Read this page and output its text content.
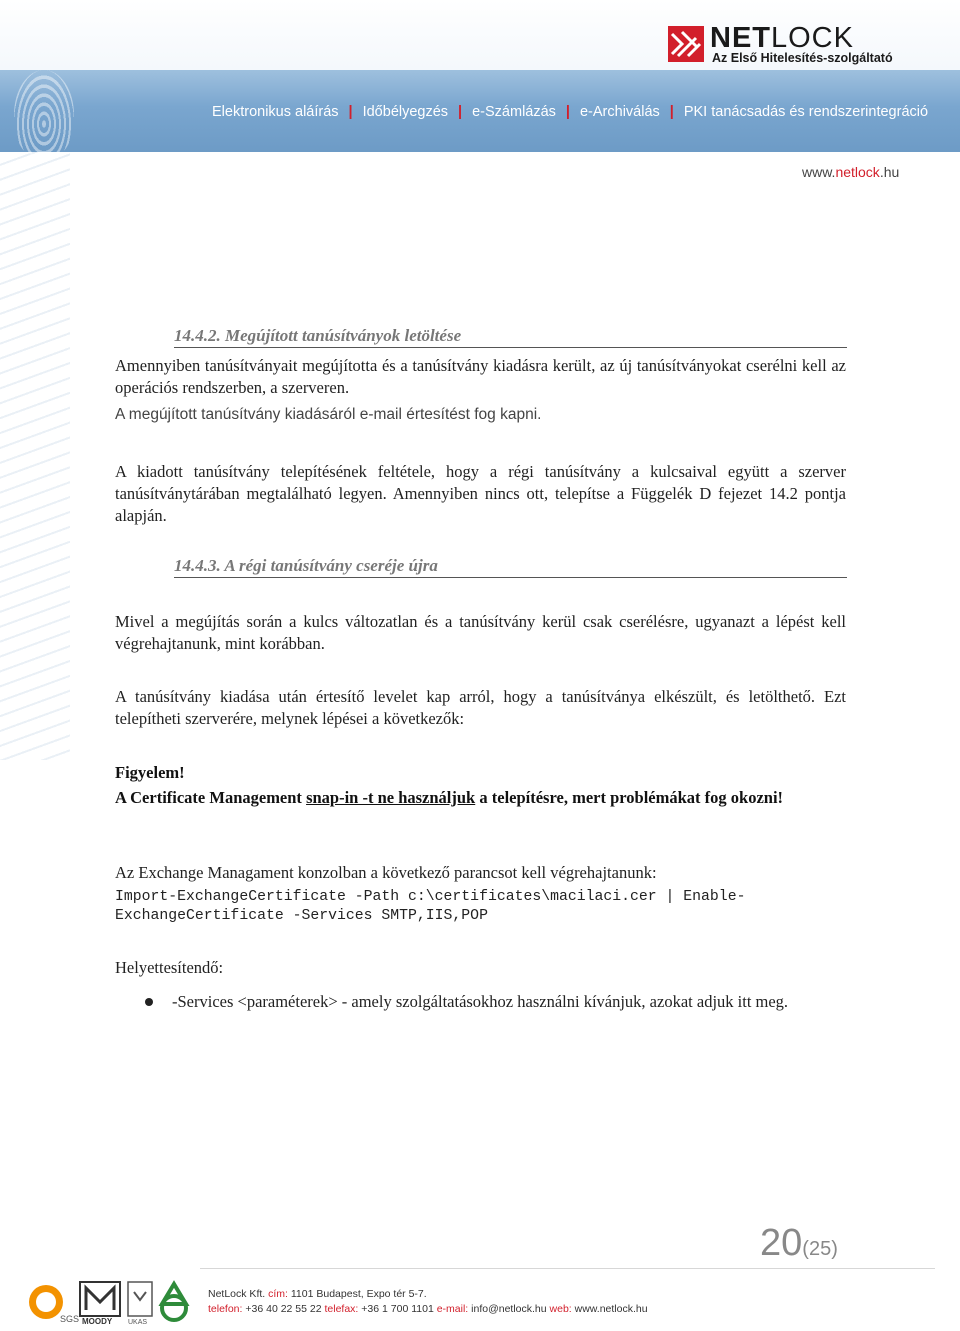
NETLOCK
Az Első Hitelesítés-szolgáltató
Elektronikus aláírás | Időbélyegzés | e-Számlázás | e-Archiválás | PKI tanácsadás és rendszerintegráció
www.netlock.hu
14.4.2. Megújított tanúsítványok letöltése
Amennyiben tanúsítványait megújította és a tanúsítvány kiadásra került, az új tanúsítványokat cserélni kell az operációs rendszerben, a szerveren.
A megújított tanúsítvány kiadásáról e-mail értesítést fog kapni.
A kiadott tanúsítvány telepítésének feltétele, hogy a régi tanúsítvány a kulcsaival együtt a szerver tanúsítványtárában megtalálható legyen. Amennyiben nincs ott, telepítse a Függelék D fejezet 14.2 pontja alapján.
14.4.3. A régi tanúsítvány cseréje újra
Mivel a megújítás során a kulcs változatlan és a tanúsítvány kerül csak cserélésre, ugyanazt a lépést kell végrehajtanunk, mint korábban.
A tanúsítvány kiadása után értesítő levelet kap arról, hogy a tanúsítványa elkészült, és letölthető. Ezt telepítheti szerverére, melynek lépései a következők:
Figyelem!
A Certificate Management snap-in -t ne használjuk a telepítésre, mert problémákat fog okozni!
Az Exchange Managament konzolban a következő parancsot kell végrehajtanunk:
Import-ExchangeCertificate -Path c:\certificates\macilaci.cer | Enable-
ExchangeCertificate -Services SMTP,IIS,POP
Helyettesítendő:
-Services <paraméterek> - amely szolgáltatásokhoz használni kívánjuk, azokat adjuk itt meg.
20(25)
SGS MOODY UKAS
NetLock Kft. cím: 1101 Budapest, Expo tér 5-7.
telefon: +36 40 22 55 22 telefax: +36 1 700 1101 e-mail: info@netlock.hu web: www.netlock.hu
